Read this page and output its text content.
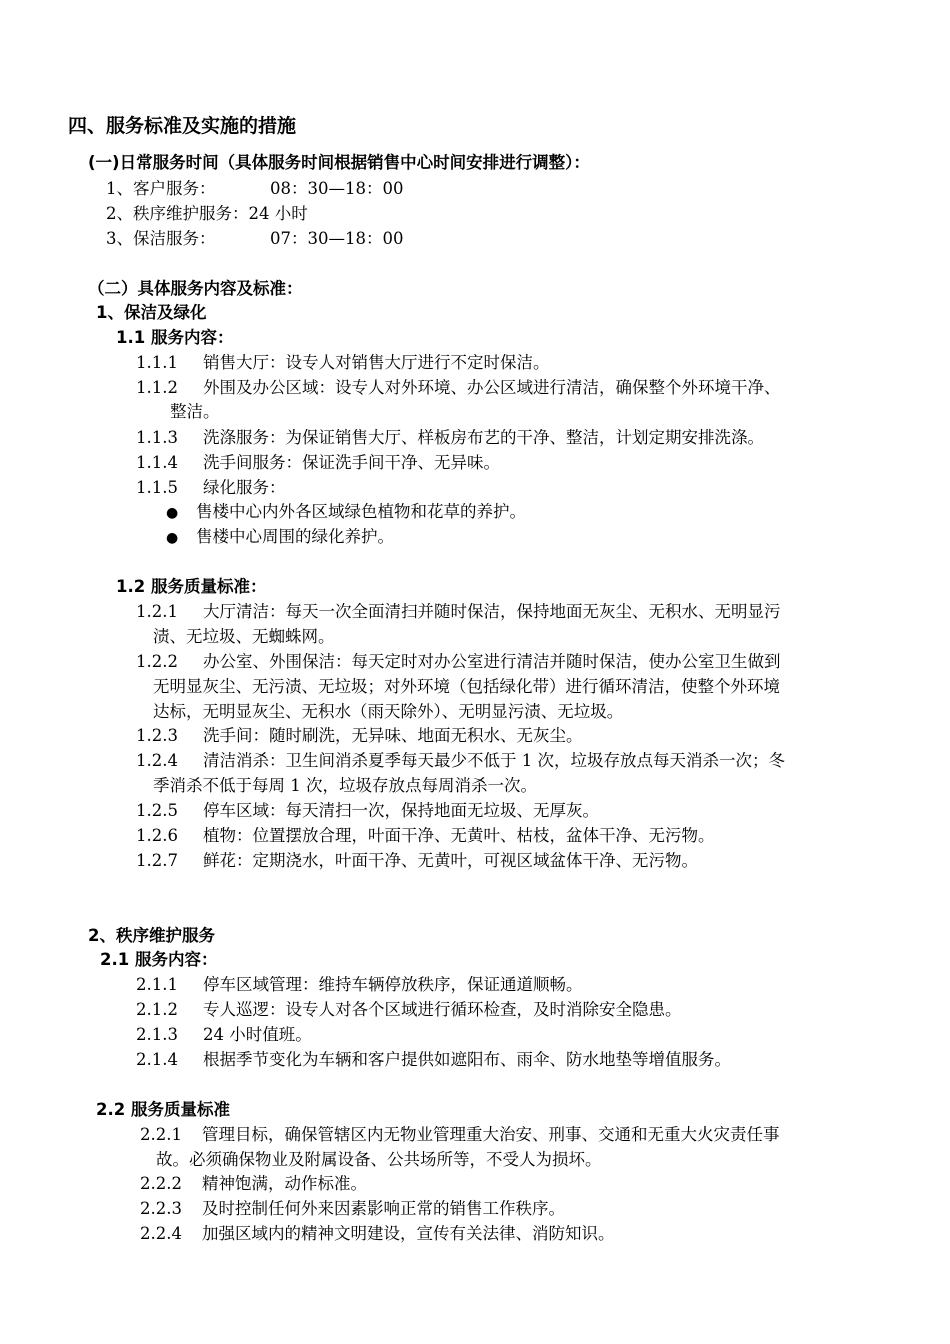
四、服务标准及实施的措施
(一)日常服务时间（具体服务时间根据销售中心时间安排进行调整）：
1、客户服务：	08：30—18：00
2、秩序维护服务：24 小时
3、保洁服务：	07：30—18：00
（二）具体服务内容及标准：
1、保洁及绿化
1.1 服务内容：
1.1.1 销售大厅：设专人对销售大厅进行不定时保洁。
1.1.2 外围及办公区域：设专人对外环境、办公区域进行清洁，确保整个外环境干净、
整洁。
1.1.3 洗涤服务：为保证销售大厅、样板房布艺的干净、整洁，计划定期安排洗涤。
1.1.4 洗手间服务：保证洗手间干净、无异味。
1.1.5 绿化服务：
● 售楼中心内外各区域绿色植物和花草的养护。
● 售楼中心周围的绿化养护。
1.2 服务质量标准：
1.2.1 大厅清洁：每天一次全面清扫并随时保洁，保持地面无灰尘、无积水、无明显污
渍、无垃圾、无蜘蛛网。
1.2.2 办公室、外围保洁：每天定时对办公室进行清洁并随时保洁，使办公室卫生做到
无明显灰尘、无污渍、无垃圾；对外环境（包括绿化带）进行循环清洁，使整个外环境
达标，无明显灰尘、无积水（雨天除外）、无明显污渍、无垃圾。
1.2.3 洗手间：随时刷洗，无异味、地面无积水、无灰尘。
1.2.4 清洁消杀：卫生间消杀夏季每天最少不低于 1 次，垃圾存放点每天消杀一次；冬
季消杀不低于每周 1 次，垃圾存放点每周消杀一次。
1.2.5 停车区域：每天清扫一次，保持地面无垃圾、无厚灰。
1.2.6 植物：位置摆放合理，叶面干净、无黄叶、枯枝，盆体干净、无污物。
1.2.7 鲜花：定期浇水，叶面干净、无黄叶，可视区域盆体干净、无污物。
2、秩序维护服务
2.1 服务内容：
2.1.1 停车区域管理：维持车辆停放秩序，保证通道顺畅。
2.1.2 专人巡逻：设专人对各个区域进行循环检查，及时消除安全隐患。
2.1.3 24 小时值班。
2.1.4 根据季节变化为车辆和客户提供如遮阳布、雨伞、防水地垫等增值服务。
2.2 服务质量标准
2.2.1 管理目标，确保管辖区内无物业管理重大治安、刑事、交通和无重大火灾责任事
故。必须确保物业及附属设备、公共场所等，不受人为损坏。
2.2.2 精神饱满，动作标准。
2.2.3 及时控制任何外来因素影响正常的销售工作秩序。
2.2.4 加强区域内的精神文明建设，宣传有关法律、消防知识。
